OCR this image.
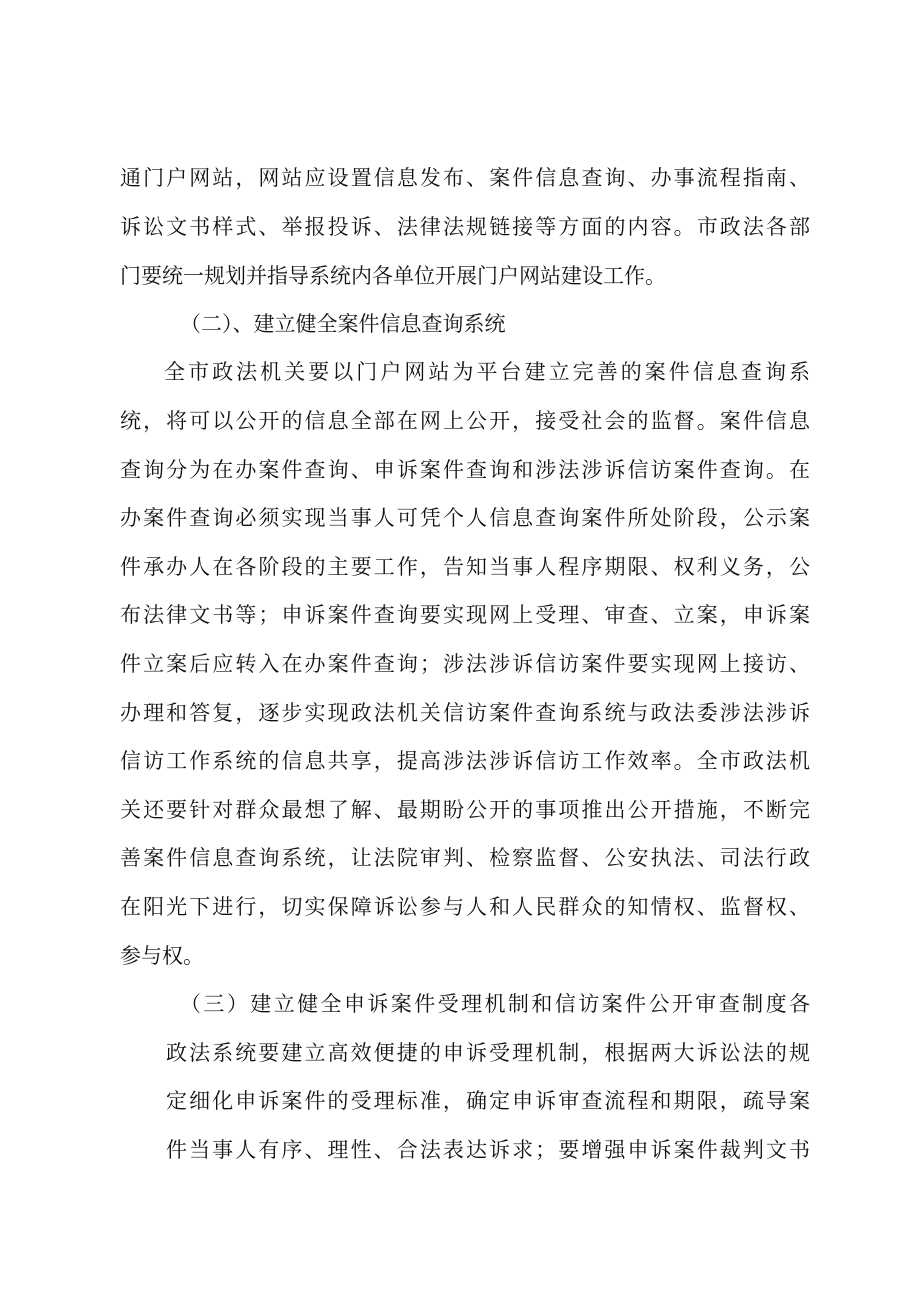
通门户网站，网站应设置信息发布、案件信息查询、办事流程指南、
诉讼文书样式、举报投诉、法律法规链接等方面的内容。市政法各部
门要统一规划并指导系统内各单位开展门户网站建设工作。
（二）、建立健全案件信息查询系统
全市政法机关要以门户网站为平台建立完善的案件信息查询系
统，将可以公开的信息全部在网上公开，接受社会的监督。案件信息
查询分为在办案件查询、申诉案件查询和涉法涉诉信访案件查询。在
办案件查询必须实现当事人可凭个人信息查询案件所处阶段，公示案
件承办人在各阶段的主要工作，告知当事人程序期限、权利义务，公
布法律文书等；申诉案件查询要实现网上受理、审查、立案，申诉案
件立案后应转入在办案件查询；涉法涉诉信访案件要实现网上接访、
办理和答复，逐步实现政法机关信访案件查询系统与政法委涉法涉诉
信访工作系统的信息共享，提高涉法涉诉信访工作效率。全市政法机
关还要针对群众最想了解、最期盼公开的事项推出公开措施，不断完
善案件信息查询系统，让法院审判、检察监督、公安执法、司法行政
在阳光下进行，切实保障诉讼参与人和人民群众的知情权、监督权、
参与权。
（三）建立健全申诉案件受理机制和信访案件公开审查制度各
政法系统要建立高效便捷的申诉受理机制，根据两大诉讼法的规
定细化申诉案件的受理标准，确定申诉审查流程和期限，疏导案
件当事人有序、理性、合法表达诉求；要增强申诉案件裁判文书
